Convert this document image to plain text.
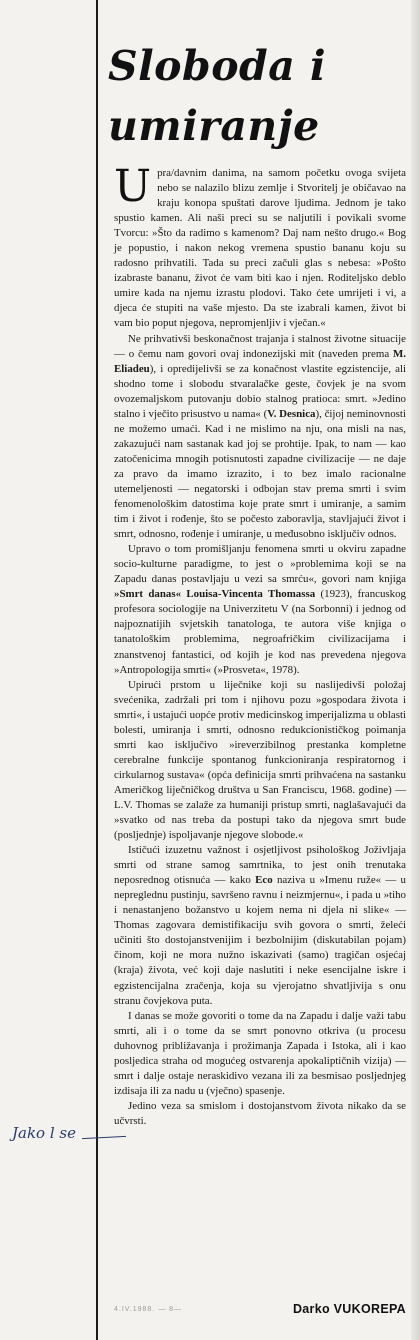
Sloboda i umiranje

Upra/davnim danima, na samom početku ovoga svijeta nebo se nalazilo blizu zemlje i Stvoritelj je običavao na kraju konopa spuštati darove ljudima. Jednom je tako spustio kamen. Ali naši preci su se naljutili i povikali svome Tvorcu: »Što da radimo s kamenom? Daj nam nešto drugo.« Bog je popustio, i nakon nekog vremena spustio bananu koju su radosno prihvatili. Tada su preci začuli glas s nebesa: »Pošto izabraste bananu, život će vam biti kao i njen. Roditeljsko deblo umire kada na njemu izrastu plodovi. Tako ćete umrijeti i vi, a djeca će stupiti na vaše mjesto. Da ste izabrali kamen, život bi vam bio poput njegova, nepromjenljiv i vječan.«

Ne prihvativši beskonačnost trajanja i stalnost životne situacije — o čemu nam govori ovaj indonezijski mit (naveden prema M. Eliadeu), i opredijelivši se za konačnost vlastite egzistencije, ali shodno tome i slobodu stvaralačke geste, čovjek je na svom ovozemaljskom putovanju dobio stalnog pratioca: smrt. »Jedino stalno i vječito prisustvo u nama« (V. Desnica), čijoj neminovnosti ne možemo umaći. Kad i ne mislimo na nju, ona misli na nas, zakazujući nam sastanak kad joj se prohtije. Ipak, to nam — kao zatočenicima mnogih potisnutosti zapadne civilizacije — ne daje za pravo da imamo izrazito, i to bez imalo racionalne utemeljenosti — negatorski i odbojan stav prema smrti i svim fenomenološkim datostima koje prate smrt i umiranje, a samim tim i život i rođenje, što se počesto zaboravlja, stavljajući život i smrt, odnosno, rođenje i umiranje, u međusobno isključiv odnos.

Upravo o tom promišljanju fenomena smrti u okviru zapadne socio-kulturne paradigme, to jest o »problemima koji se na Zapadu danas postavljaju u vezi sa smrću«, govori nam knjiga »Smrt danas« Louisa-Vincenta Thomassa (1923), francuskog profesora sociologije na Univerzitetu V (na Sorbonni) i jednog od najpoznatijih svjetskih tanatologa, te autora više knjiga o tanatološkim problemima, negroafričkim civilizacijama i znanstvenoj fantastici, od kojih je kod nas prevedena njegova »Antropologija smrti« (»Prosveta«, 1978).

Upirući prstom u liječnike koji su naslijedivši položaj svećenika, zadržali pri tom i njihovu pozu »gospodara života i smrti«, i ustajući uopće protiv medicinskog imperijalizma u oblasti bolesti, umiranja i smrti, odnosno redukcionističkog poimanja smrti kao isključivo »ireverzibilnog prestanka kompletne cerebralne funkcije spontanog funkcioniranja respiratornog i cirkularnog sustava« (opća definicija smrti prihvaćena na sastanku Američkog liječničkog društva u San Franciscu, 1968. godine) — L.V. Thomas se zalaže za humaniji pristup smrti, naglašavajući da »svatko od nas treba da postupi tako da njegova smrt bude (posljednje) ispoljavanje njegove slobode.«

Ističući izuzetnu važnost i osjetljivost psihološkog Joživljaja smrti od strane samog samrtnika, to jest onih trenutaka neposrednog otisnuća — kako Eco naziva u »Imenu ruže« — u nepreglednu pustinju, savršeno ravnu i neizmjernu«, i pada u »tiho i nenastanjeno božanstvo u kojem nema ni djela ni slike« — Thomas zagovara demistifikaciju svih govora o smrti, želeći učiniti što dostojanstvenijim i bezbolnijim (diskutabilan pojam) činom, koji ne mora nužno iskazivati (samo) tragičan osjećaj (kraja) života, već koji daje naslutiti i neke esencijalne iskre i egzistencijalna zračenja, koja su vjerojatno shvatljivija s onu stranu čovjekova puta.

I danas se može govoriti o tome da na Zapadu i dalje važi tabu smrti, ali i o tome da se smrt ponovno otkriva (u procesu duhovnog približavanja i prožimanja Zapada i Istoka, ali i kao posljedica straha od mogućeg ostvarenja apokaliptičnih vizija) — smrt i dalje ostaje neraskidivo vezana ili za besmisao posljednjeg izdisaja ili za nadu u (vječno) spasenje.

Jedino veza sa smislom i dostojanstvom života nikako da se učvrsti.

4.IV.1988. — 8—	Darko VUKOREPA
Jako l se
